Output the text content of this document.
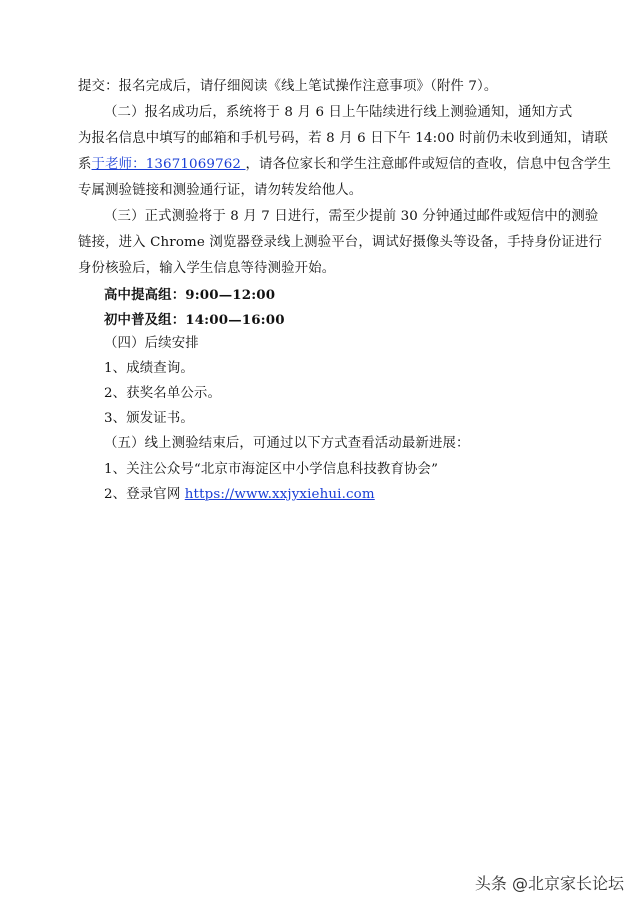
提交：报名完成后，请仔细阅读《线上笔试操作注意事项》（附件 7）。
（二）报名成功后，系统将于 8 月 6 日上午陆续进行线上测验通知，通知方式
为报名信息中填写的邮箱和手机号码，若 8 月 6 日下午 14:00 时前仍未收到通知，请联
系于老师：13671069762 ，请各位家长和学生注意邮件或短信的查收，信息中包含学生
专属测验链接和测验通行证，请勿转发给他人。
（三）正式测验将于 8 月 7 日进行，需至少提前 30 分钟通过邮件或短信中的测验
链接，进入 Chrome 浏览器登录线上测验平台，调试好摄像头等设备，手持身份证进行
身份核验后，输入学生信息等待测验开始。
高中提高组：9:00—12:00
初中普及组：14:00—16:00
（四）后续安排
1、成绩查询。
2、获奖名单公示。
3、颁发证书。
（五）线上测验结束后，可通过以下方式查看活动最新进展：
1、关注公众号“北京市海淀区中小学信息科技教育协会”
2、登录官网 https://www.xxjyxiehui.com
头条 @北京家长论坛
